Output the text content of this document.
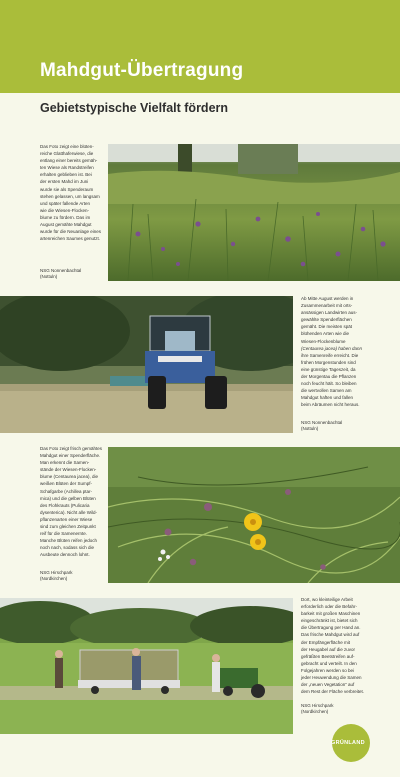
Mahdgut-Übertragung
Gebietstypische Vielfalt fördern
Das Foto zeigt eine blüten-
reiche Glatthaferwiese, die
entlang einer bereits gemäh-
ten Wiese als Randstreifen
erhalten geblieben ist. Bei
der ersten Mahd im Juni
wurde sie als Spenderaum
stehen gelassen, um langsam
und später fallende Arten
wie die Wiesen-Flocken-
blume zu fördern. Das im
August gemähte Mahdgut
wurde für die Neuanlage eines
artenreichen Saumes genutzt.
NSG Nonnenbachtal
(Nottuln)
Ab Mitte August werden in
Zusammenarbeit mit orts-
ansässigen Landwirten aus-
gewählte Spenderflächen
gemäht. Die meisten spät
blühenden Arten wie die
Wiesen-Flockenblume
(Centaurea jacea) haben dann
ihre Samenreife erreicht. Die
frühen Morgenstunden sind
eine günstige Tageszeit, da
der Morgentau die Pflanzen
noch feucht hält. So bleiben
die wertvollen Samen am
Mahdgut haften und fallen
beim Abräumen nicht heraus.
NSG Nonnenbachtal
(Nottuln)
Das Foto zeigt frisch gemähtes
Mahdgut einer Spenderfläche.
Man erkennt die Samen-
stände der Wiesen-Flocken-
blume (Centaurea jacea), die
weißen Blüten der Sumpf-
Schafgarbe (Achillea ptar-
mica) und die gelben Blüten
des Flohkrauts (Pulicaria
dysenterica). Nicht alle Wild-
pflanzenarten einer Wiese
sind zum gleichen Zeitpunkt
reif für die Samenernte.
Manche Blüten reifen jedoch
noch nach, sodass sich die
Ausbeute dennoch lohnt.
NSG Hirschpark
(Nordkirchen)
Dort, wo kleinteilige Arbeit
erforderlich oder die Befahr-
barkeit mit großen Maschinen
eingeschränkt ist, bietet sich
die Übertragung per Hand an.
Das frische Mahdgut wird auf
der Empfängerfläche mit
der Heugabel auf die zuvor
gefräßten Beetstreifen auf-
gebracht und verteilt. In den
Folgejahren werden so bei
jeder Heuwendung die Samen
der „neuen Vegetation“ auf
dem Rest der Fläche verbreitet.
NSG Hirschpark
(Nordkirchen)
GRÜNLAND
